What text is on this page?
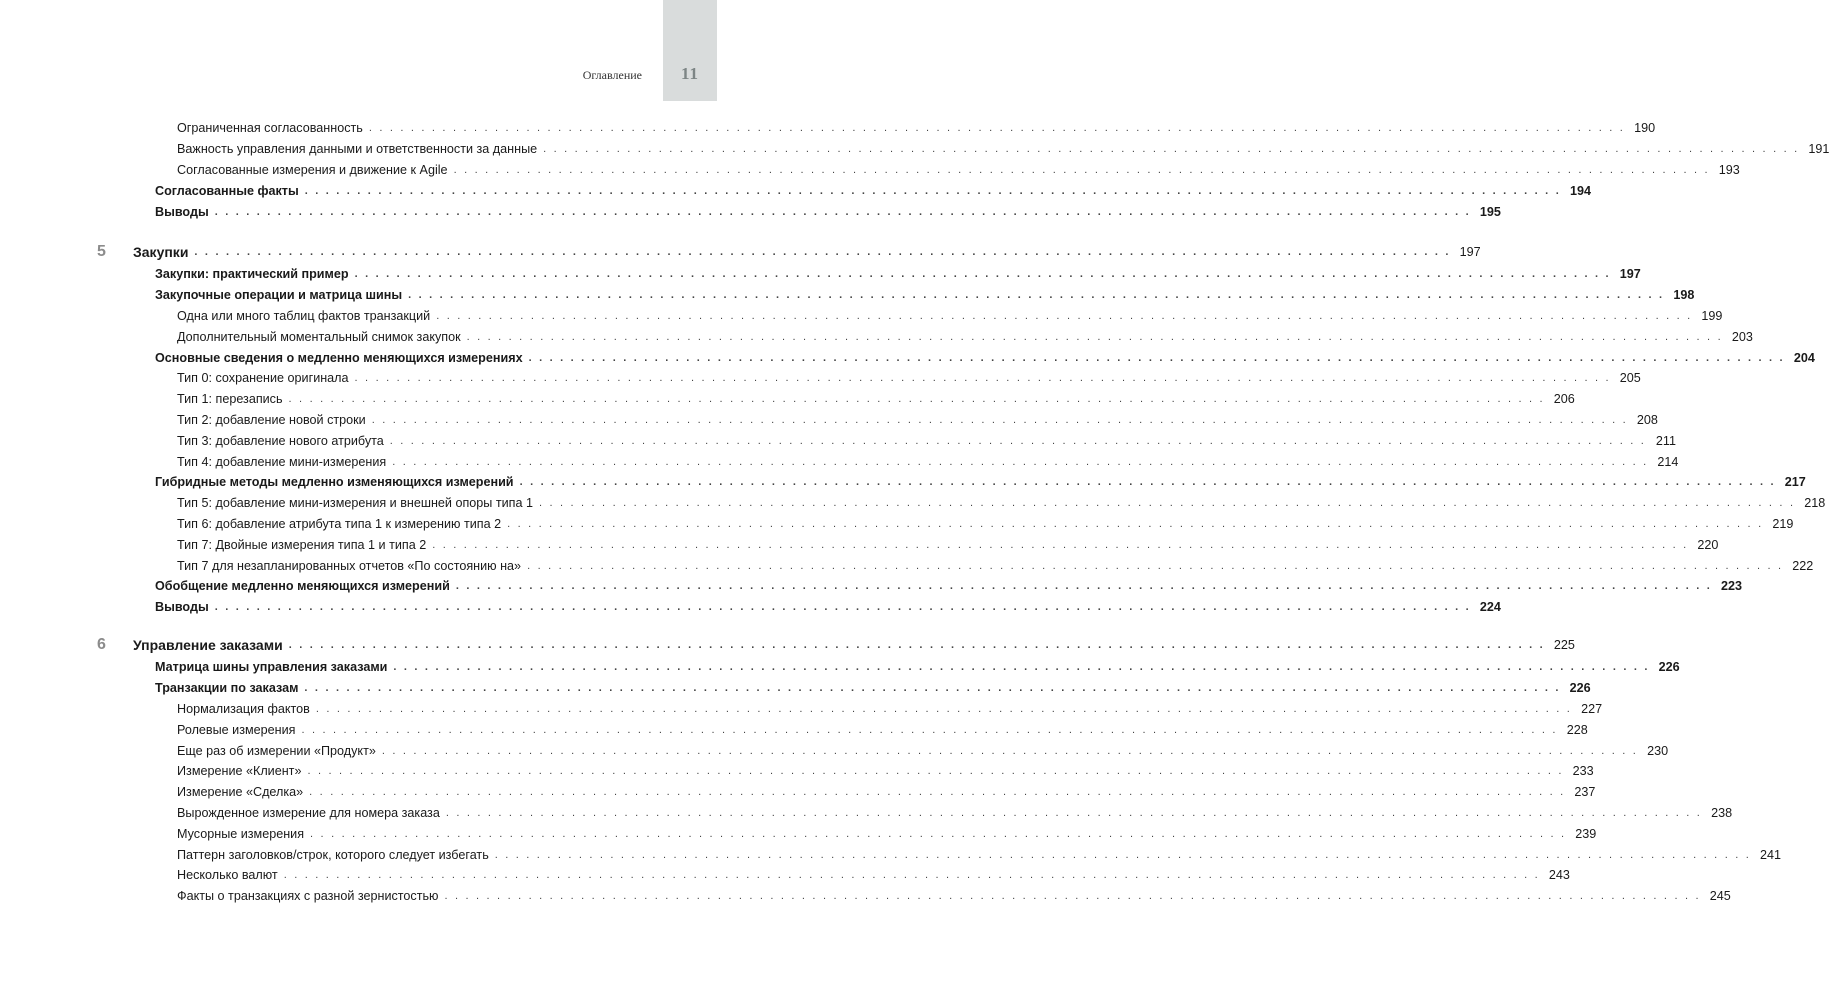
Оглавление	11
Ограниченная согласованность . . . . . . . . . . . . . . . . . . . . . . . . . . . . . . . . . . . . . . . . . . . . . . . . . . . . . . . . . . . . . . . . . . . . . . . . . . . . . . . . . . . . . . . . . . . . . . . . . . . . . . . . . . . . . . . . . . . . . . . . 190
Важность управления данными и ответственности за данные . . . . . . . . . . . . . . . . . . . . . . . . . . . . . . . . . . . . . . . . . . . . . . . . . . . . . . . . . . . . . . . . . . . . . . . . . . . . . . . . . . . . . . . . . . . . . . . . . . . . . . . . . . . . . . . . . . . . . . . . 191
Согласованные измерения и движение к Agile . . . . . . . . . . . . . . . . . . . . . . . . . . . . . . . . . . . . . . . . . . . . . . . . . . . . . . . . . . . . . . . . . . . . . . . . . . . . . . . . . . . . . . . . . . . . . . . . . . . . . . . . . . . . . . . . . . . . . . . . 193
Согласованные факты . . . . . . . . . . . . . . . . . . . . . . . . . . . . . . . . . . . . . . . . . . . . . . . . . . . . . . . . . . . . . . . . . . . . . . . . . . . . . . . . . . . . . . . . . . . . . . . . . . . . . . . . . . . . . . . . . . . . . . . . 194
Выводы . . . . . . . . . . . . . . . . . . . . . . . . . . . . . . . . . . . . . . . . . . . . . . . . . . . . . . . . . . . . . . . . . . . . . . . . . . . . . . . . . . . . . . . . . . . . . . . . . . . . . . . . . . . . . . . . . . . . . . . . 195
5	Закупки . . . . . . . . . . . . . . . . . . . . . . . . . . . . . . . . . . . . . . . . . . . . . . . . . . . . . . . . . . . . . . . . . . . . . . . . . . . . . . . . . . . . . . . . . . . . . . . . . . . . . . . . . . . . . . . . . . . . . . . . 197
Закупки: практический пример . . . . . . . . . . . . . . . . . . . . . . . . . . . . . . . . . . . . . . . . . . . . . . . . . . . . . . . . . . . . . . . . . . . . . . . . . . . . . . . . . . . . . . . . . . . . . . . . . . . . . . . . . . . . . . . . . . . . . . . . 197
Закупочные операции и матрица шины . . . . . . . . . . . . . . . . . . . . . . . . . . . . . . . . . . . . . . . . . . . . . . . . . . . . . . . . . . . . . . . . . . . . . . . . . . . . . . . . . . . . . . . . . . . . . . . . . . . . . . . . . . . . . . . . . . . . . . . . 198
Одна или много таблиц фактов транзакций . . . . . . . . . . . . . . . . . . . . . . . . . . . . . . . . . . . . . . . . . . . . . . . . . . . . . . . . . . . . . . . . . . . . . . . . . . . . . . . . . . . . . . . . . . . . . . . . . . . . . . . . . . . . . . . . . . . . . . . . 199
Дополнительный моментальный снимок закупок . . . . . . . . . . . . . . . . . . . . . . . . . . . . . . . . . . . . . . . . . . . . . . . . . . . . . . . . . . . . . . . . . . . . . . . . . . . . . . . . . . . . . . . . . . . . . . . . . . . . . . . . . . . . . . . . . . . . . . . . 203
Основные сведения о медленно меняющихся измерениях . . . . . . . . . . . . . . . . . . . . . . . . . . . . . . . . . . . . . . . . . . . . . . . . . . . . . . . . . . . . . . . . . . . . . . . . . . . . . . . . . . . . . . . . . . . . . . . . . . . . . . . . . . . . . . . . . . . . . . . . 204
Тип 0: сохранение оригинала . . . . . . . . . . . . . . . . . . . . . . . . . . . . . . . . . . . . . . . . . . . . . . . . . . . . . . . . . . . . . . . . . . . . . . . . . . . . . . . . . . . . . . . . . . . . . . . . . . . . . . . . . . . . . . . . . . . . . . . . 205
Тип 1: перезапись . . . . . . . . . . . . . . . . . . . . . . . . . . . . . . . . . . . . . . . . . . . . . . . . . . . . . . . . . . . . . . . . . . . . . . . . . . . . . . . . . . . . . . . . . . . . . . . . . . . . . . . . . . . . . . . . . . . . . . . . 206
Тип 2: добавление новой строки . . . . . . . . . . . . . . . . . . . . . . . . . . . . . . . . . . . . . . . . . . . . . . . . . . . . . . . . . . . . . . . . . . . . . . . . . . . . . . . . . . . . . . . . . . . . . . . . . . . . . . . . . . . . . . . . . . . . . . . . 208
Тип 3: добавление нового атрибута . . . . . . . . . . . . . . . . . . . . . . . . . . . . . . . . . . . . . . . . . . . . . . . . . . . . . . . . . . . . . . . . . . . . . . . . . . . . . . . . . . . . . . . . . . . . . . . . . . . . . . . . . . . . . . . . . . . . . . . . 211
Тип 4: добавление мини-измерения . . . . . . . . . . . . . . . . . . . . . . . . . . . . . . . . . . . . . . . . . . . . . . . . . . . . . . . . . . . . . . . . . . . . . . . . . . . . . . . . . . . . . . . . . . . . . . . . . . . . . . . . . . . . . . . . . . . . . . . . 214
Гибридные методы медленно изменяющихся измерений . . . . . . . . . . . . . . . . . . . . . . . . . . . . . . . . . . . . . . . . . . . . . . . . . . . . . . . . . . . . . . . . . . . . . . . . . . . . . . . . . . . . . . . . . . . . . . . . . . . . . . . . . . . . . . . . . . . . . . . . 217
Тип 5: добавление мини-измерения и внешней опоры типа 1 . . . . . . . . . . . . . . . . . . . . . . . . . . . . . . . . . . . . . . . . . . . . . . . . . . . . . . . . . . . . . . . . . . . . . . . . . . . . . . . . . . . . . . . . . . . . . . . . . . . . . . . . . . . . . . . . . . . . . . . . 218
Тип 6: добавление атрибута типа 1 к измерению типа 2 . . . . . . . . . . . . . . . . . . . . . . . . . . . . . . . . . . . . . . . . . . . . . . . . . . . . . . . . . . . . . . . . . . . . . . . . . . . . . . . . . . . . . . . . . . . . . . . . . . . . . . . . . . . . . . . . . . . . . . . . 219
Тип 7: Двойные измерения типа 1 и типа 2 . . . . . . . . . . . . . . . . . . . . . . . . . . . . . . . . . . . . . . . . . . . . . . . . . . . . . . . . . . . . . . . . . . . . . . . . . . . . . . . . . . . . . . . . . . . . . . . . . . . . . . . . . . . . . . . . . . . . . . . . 220
Тип 7 для незапланированных отчетов «По состоянию на» . . . . . . . . . . . . . . . . . . . . . . . . . . . . . . . . . . . . . . . . . . . . . . . . . . . . . . . . . . . . . . . . . . . . . . . . . . . . . . . . . . . . . . . . . . . . . . . . . . . . . . . . . . . . . . . . . . . . . . . . 222
Обобщение медленно меняющихся измерений . . . . . . . . . . . . . . . . . . . . . . . . . . . . . . . . . . . . . . . . . . . . . . . . . . . . . . . . . . . . . . . . . . . . . . . . . . . . . . . . . . . . . . . . . . . . . . . . . . . . . . . . . . . . . . . . . . . . . . . . 223
Выводы . . . . . . . . . . . . . . . . . . . . . . . . . . . . . . . . . . . . . . . . . . . . . . . . . . . . . . . . . . . . . . . . . . . . . . . . . . . . . . . . . . . . . . . . . . . . . . . . . . . . . . . . . . . . . . . . . . . . . . . . 224
6	Управление заказами . . . . . . . . . . . . . . . . . . . . . . . . . . . . . . . . . . . . . . . . . . . . . . . . . . . . . . . . . . . . . . . . . . . . . . . . . . . . . . . . . . . . . . . . . . . . . . . . . . . . . . . . . . . . . . . . . . . . . . . . 225
Матрица шины управления заказами . . . . . . . . . . . . . . . . . . . . . . . . . . . . . . . . . . . . . . . . . . . . . . . . . . . . . . . . . . . . . . . . . . . . . . . . . . . . . . . . . . . . . . . . . . . . . . . . . . . . . . . . . . . . . . . . . . . . . . . . 226
Транзакции по заказам . . . . . . . . . . . . . . . . . . . . . . . . . . . . . . . . . . . . . . . . . . . . . . . . . . . . . . . . . . . . . . . . . . . . . . . . . . . . . . . . . . . . . . . . . . . . . . . . . . . . . . . . . . . . . . . . . . . . . . . . 226
Нормализация фактов . . . . . . . . . . . . . . . . . . . . . . . . . . . . . . . . . . . . . . . . . . . . . . . . . . . . . . . . . . . . . . . . . . . . . . . . . . . . . . . . . . . . . . . . . . . . . . . . . . . . . . . . . . . . . . . . . . . . . . . . 227
Ролевые измерения . . . . . . . . . . . . . . . . . . . . . . . . . . . . . . . . . . . . . . . . . . . . . . . . . . . . . . . . . . . . . . . . . . . . . . . . . . . . . . . . . . . . . . . . . . . . . . . . . . . . . . . . . . . . . . . . . . . . . . . . 228
Еще раз об измерении «Продукт» . . . . . . . . . . . . . . . . . . . . . . . . . . . . . . . . . . . . . . . . . . . . . . . . . . . . . . . . . . . . . . . . . . . . . . . . . . . . . . . . . . . . . . . . . . . . . . . . . . . . . . . . . . . . . . . . . . . . . . . . 230
Измерение «Клиент» . . . . . . . . . . . . . . . . . . . . . . . . . . . . . . . . . . . . . . . . . . . . . . . . . . . . . . . . . . . . . . . . . . . . . . . . . . . . . . . . . . . . . . . . . . . . . . . . . . . . . . . . . . . . . . . . . . . . . . . . 233
Измерение «Сделка» . . . . . . . . . . . . . . . . . . . . . . . . . . . . . . . . . . . . . . . . . . . . . . . . . . . . . . . . . . . . . . . . . . . . . . . . . . . . . . . . . . . . . . . . . . . . . . . . . . . . . . . . . . . . . . . . . . . . . . . . 237
Вырожденное измерение для номера заказа . . . . . . . . . . . . . . . . . . . . . . . . . . . . . . . . . . . . . . . . . . . . . . . . . . . . . . . . . . . . . . . . . . . . . . . . . . . . . . . . . . . . . . . . . . . . . . . . . . . . . . . . . . . . . . . . . . . . . . . . 238
Мусорные измерения . . . . . . . . . . . . . . . . . . . . . . . . . . . . . . . . . . . . . . . . . . . . . . . . . . . . . . . . . . . . . . . . . . . . . . . . . . . . . . . . . . . . . . . . . . . . . . . . . . . . . . . . . . . . . . . . . . . . . . . . 239
Паттерн заголовков/строк, которого следует избегать . . . . . . . . . . . . . . . . . . . . . . . . . . . . . . . . . . . . . . . . . . . . . . . . . . . . . . . . . . . . . . . . . . . . . . . . . . . . . . . . . . . . . . . . . . . . . . . . . . . . . . . . . . . . . . . . . . . . . . . . 241
Несколько валют . . . . . . . . . . . . . . . . . . . . . . . . . . . . . . . . . . . . . . . . . . . . . . . . . . . . . . . . . . . . . . . . . . . . . . . . . . . . . . . . . . . . . . . . . . . . . . . . . . . . . . . . . . . . . . . . . . . . . . . . 243
Факты о транзакциях с разной зернистостью . . . . . . . . . . . . . . . . . . . . . . . . . . . . . . . . . . . . . . . . . . . . . . . . . . . . . . . . . . . . . . . . . . . . . . . . . . . . . . . . . . . . . . . . . . . . . . . . . . . . . . . . . . . . . . . . . . . . . . . . 245
